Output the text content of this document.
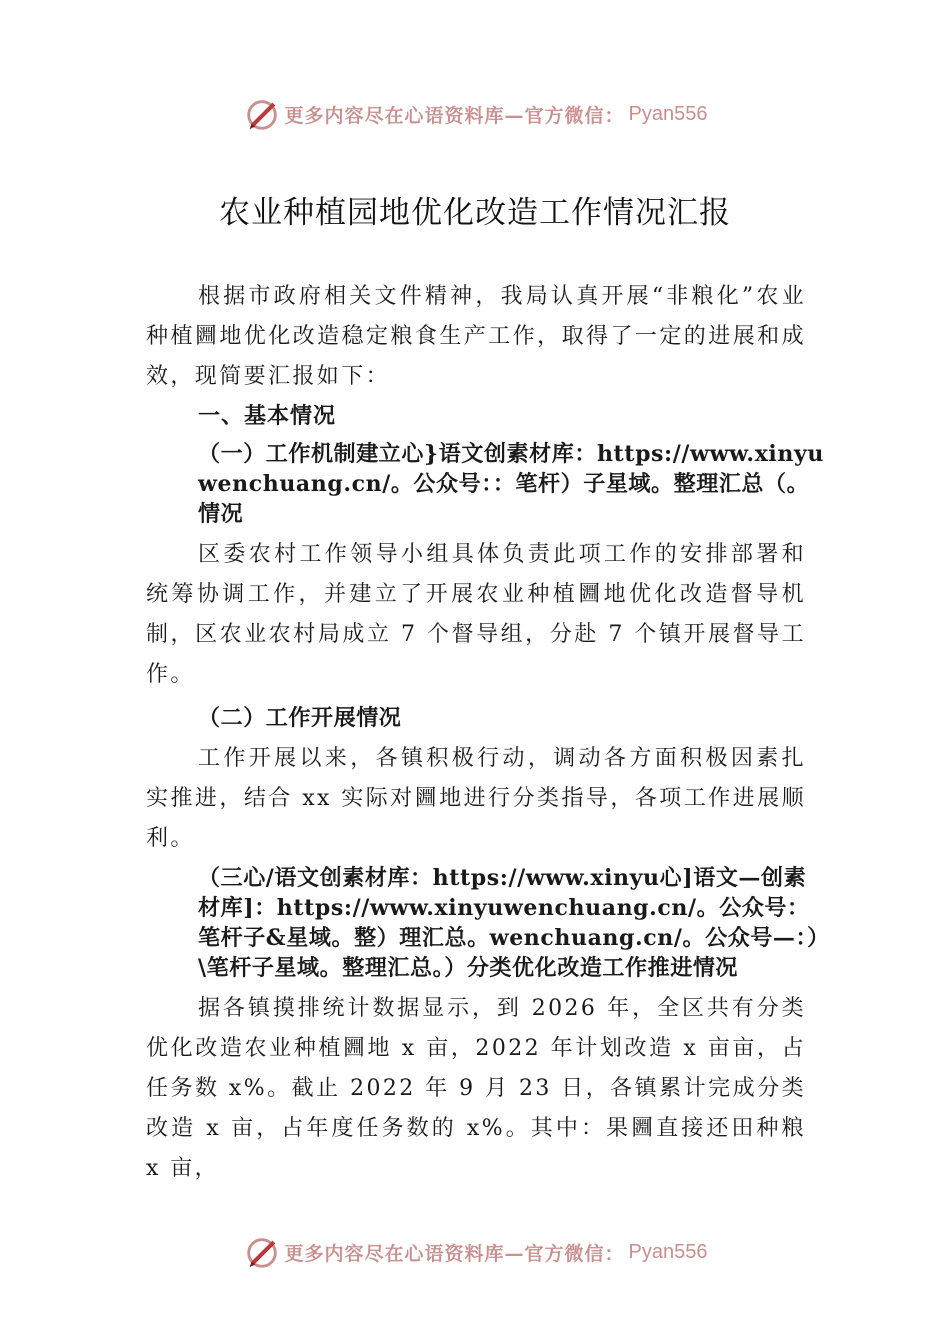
更多内容尽在心语资料库—官方微信： Pyan556
农业种植园地优化改造工作情况汇报

根据市政府相关文件精神，我局认真开展“非粮化”农业种植㘤地优化改造稳定粮食生产工作，取得了一定的进展和成效，现简要汇报如下：

一、基本情况
（一）工作机制建立心}语文创素材库：https://www.xinyuwenchuang.cn/。公众号：：笔杆）子星域。整理汇总（。情况

区委农村工作领导小组具体负责此项工作的安排部署和统筹协调工作，并建立了开展农业种植㘤地优化改造督导机制，区农业农村局成立 7 个督导组，分赴 7 个镇开展督导工作。

（二）工作开展情况

工作开展以来，各镇积极行动，调动各方面积极因素扎实推进，结合 xx 实际对㘤地进行分类指导，各项工作进展顺利。

（三心/语文创素材库：https://www.xinyu心]语文—创素材库]：https://www.xinyuwenchuang.cn/。公众号：笔杆子&星域。整）理汇总。wenchuang.cn/。公众号—：）\笔杆子星域。整理汇总。）分类优化改造工作推进情况

据各镇摸排统计数据显示，到 2026 年，全区共有分类优化改造农业种植㘤地 x 亩，2022 年计划改造 x 亩亩，占任务数 x%。截止 2022 年 9 月 23 日，各镇累计完成分类改造 x 亩，占年度任务数的 x%。其中：果㘤直接还田种粮 x 亩，

更多内容尽在心语资料库—官方微信： Pyan556
